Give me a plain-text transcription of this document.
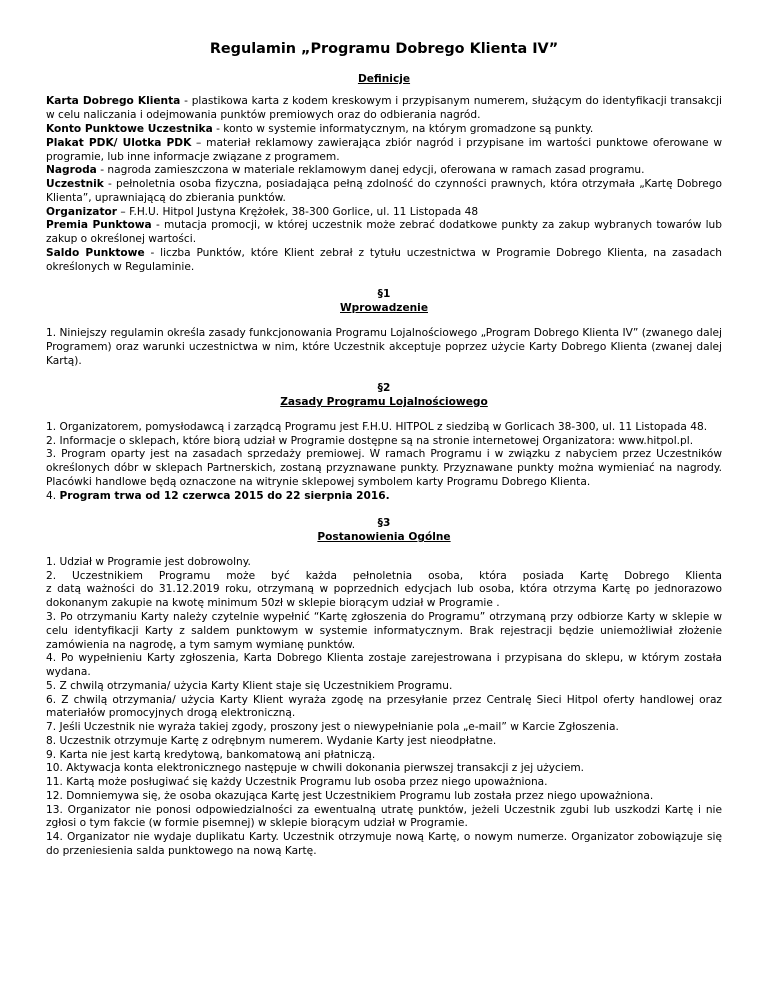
Regulamin „Programu Dobrego Klienta IV”
Definicje

Karta Dobrego Klienta - plastikowa karta z kodem kreskowym i przypisanym numerem, służącym do identyfikacji transakcji w celu naliczania i odejmowania punktów premiowych oraz do odbierania nagród.

Konto Punktowe Uczestnika - konto w systemie informatycznym, na którym gromadzone są punkty.

Plakat PDK/ Ulotka PDK – materiał reklamowy zawierająca zbiór nagród i przypisane im wartości punktowe oferowane w programie, lub inne informacje związane z programem.

Nagroda - nagroda zamieszczona w materiale reklamowym danej edycji, oferowana w ramach zasad programu.

Uczestnik - pełnoletnia osoba fizyczna, posiadająca pełną zdolność do czynności prawnych, która otrzymała „Kartę Dobrego Klienta”, uprawniającą do zbierania punktów.

Organizator – F.H.U. Hitpol Justyna Krężołek, 38-300 Gorlice, ul. 11 Listopada 48

Premia Punktowa - mutacja promocji, w której uczestnik może zebrać dodatkowe punkty za zakup wybranych towarów lub zakup o określonej wartości.

Saldo Punktowe - liczba Punktów, które Klient zebrał z tytułu uczestnictwa w Programie Dobrego Klienta, na zasadach określonych w Regulaminie.

§1
Wprowadzenie

1. Niniejszy regulamin określa zasady funkcjonowania Programu Lojalnościowego „Program Dobrego Klienta IV” (zwanego dalej Programem) oraz warunki uczestnictwa w nim, które Uczestnik akceptuje poprzez użycie Karty Dobrego Klienta (zwanej dalej Kartą).

§2
Zasady Programu Lojalnościowego

1. Organizatorem, pomysłodawcą i zarządcą Programu jest F.H.U. HITPOL z siedzibą w Gorlicach 38-300, ul. 11 Listopada 48.

2. Informacje o sklepach, które biorą udział w Programie dostępne są na stronie internetowej Organizatora: www.hitpol.pl.

3. Program oparty jest na zasadach sprzedaży premiowej. W ramach Programu i w związku z nabyciem przez Uczestników określonych dóbr w sklepach Partnerskich, zostaną przyznawane punkty. Przyznawane punkty można wymieniać na nagrody. Placówki handlowe będą oznaczone na witrynie sklepowej symbolem karty Programu Dobrego Klienta.

4. Program trwa od 12 czerwca 2015 do 22 sierpnia 2016.

§3
Postanowienia Ogólne

1. Udział w Programie jest dobrowolny.

2. Uczestnikiem Programu może być każda pełnoletnia osoba, która posiada Kartę Dobrego Klienta

z datą ważności do 31.12.2019 roku, otrzymaną w poprzednich edycjach lub osoba, która otrzyma Kartę po jednorazowo dokonanym zakupie na kwotę minimum 50zł w sklepie biorącym udział w Programie .

3. Po otrzymaniu Karty należy czytelnie wypełnić “Kartę zgłoszenia do Programu” otrzymaną przy odbiorze Karty w sklepie w celu identyfikacji Karty z saldem punktowym w systemie informatycznym. Brak rejestracji będzie uniemożliwiał złożenie zamówienia na nagrodę, a tym samym wymianę punktów.

4. Po wypełnieniu Karty zgłoszenia, Karta Dobrego Klienta zostaje zarejestrowana i przypisana do sklepu, w którym została wydana.

5. Z chwilą otrzymania/ użycia Karty Klient staje się Uczestnikiem Programu.

6. Z chwilą otrzymania/ użycia Karty Klient wyraża zgodę na przesyłanie przez Centralę Sieci Hitpol oferty handlowej oraz materiałów promocyjnych drogą elektroniczną.

7. Jeśli Uczestnik nie wyraża takiej zgody, proszony jest o niewypełnianie pola „e-mail” w Karcie Zgłoszenia.

8. Uczestnik otrzymuje Kartę z odrębnym numerem. Wydanie Karty jest nieodpłatne.

9. Karta nie jest kartą kredytową, bankomatową ani płatniczą.

10. Aktywacja konta elektronicznego następuje w chwili dokonania pierwszej transakcji z jej użyciem.

11. Kartą może posługiwać się każdy Uczestnik Programu lub osoba przez niego upoważniona.

12. Domniemywa się, że osoba okazująca Kartę jest Uczestnikiem Programu lub została przez niego upoważniona.

13. Organizator nie ponosi odpowiedzialności za ewentualną utratę punktów, jeżeli Uczestnik zgubi lub uszkodzi Kartę i nie zgłosi o tym fakcie (w formie pisemnej) w sklepie biorącym udział w Programie.

14. Organizator nie wydaje duplikatu Karty. Uczestnik otrzymuje nową Kartę, o nowym numerze. Organizator zobowiązuje się do przeniesienia salda punktowego na nową Kartę.
